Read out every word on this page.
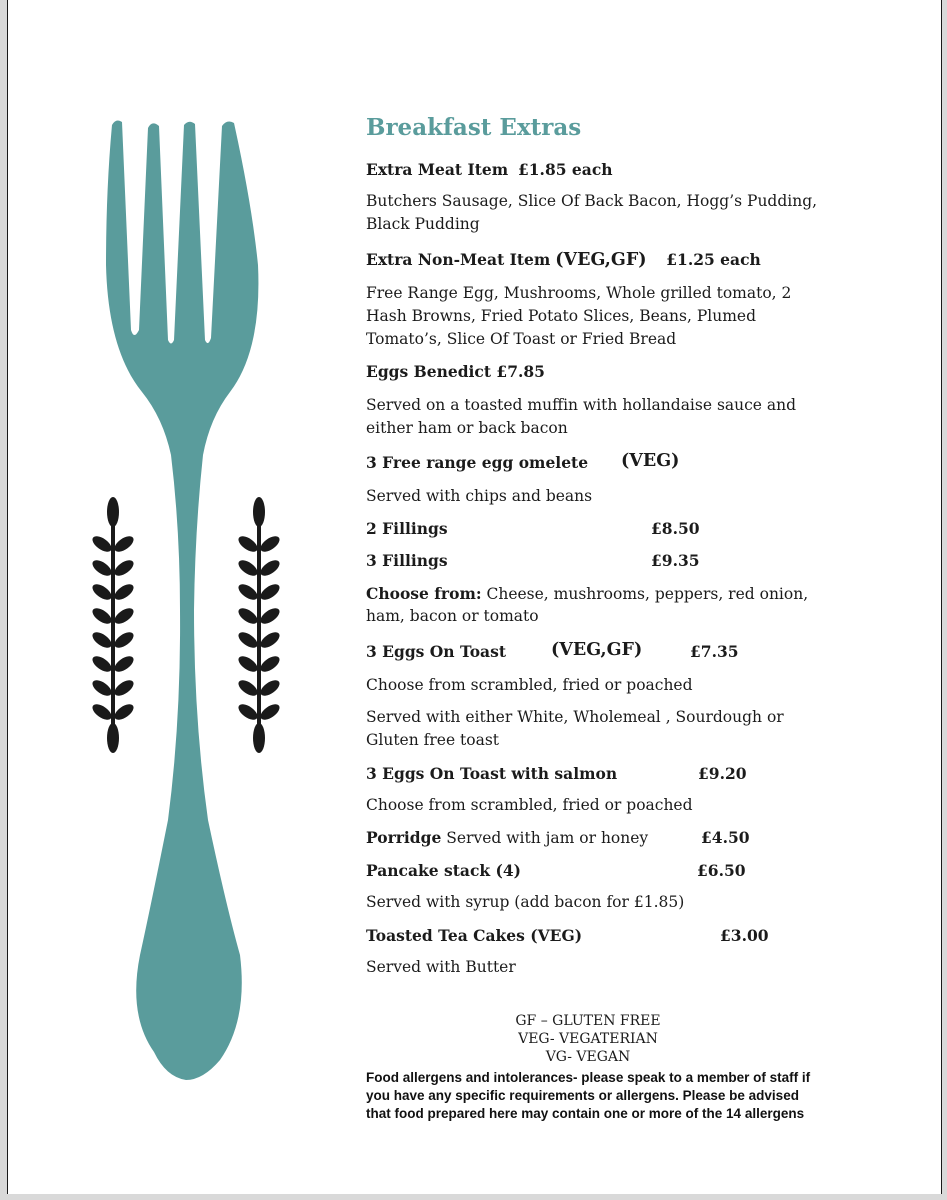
Breakfast Extras
Extra Meat Item £1.85 each
Butchers Sausage, Slice Of Back Bacon, Hogg’s Pudding,
Black Pudding
Extra Non-Meat Item (VEG,GF) £1.25 each
Free Range Egg, Mushrooms, Whole grilled tomato, 2
Hash Browns, Fried Potato Slices, Beans, Plumed
Tomato’s, Slice Of Toast or Fried Bread
Eggs Benedict £7.85
Served on a toasted muffin with hollandaise sauce and
either ham or back bacon
3 Free range egg omelete (VEG)
Served with chips and beans
2 Fillings	£8.50
3 Fillings	£9.35
Choose from: Cheese, mushrooms, peppers, red onion,
ham, bacon or tomato
3 Eggs On Toast	(VEG,GF)	£7.35
Choose from scrambled, fried or poached
Served with either White, Wholemeal , Sourdough or
Gluten free toast
3 Eggs On Toast with salmon	£9.20
Choose from scrambled, fried or poached
Porridge Served with jam or honey	£4.50
Pancake stack (4)	£6.50
Served with syrup (add bacon for £1.85)
Toasted Tea Cakes (VEG)	£3.00
Served with Butter
GF – GLUTEN FREE
VEG- VEGATERIAN
VG- VEGAN
Food allergens and intolerances- please speak to a member of staff if you have any specific requirements or allergens. Please be advised that food prepared here may contain one or more of the 14 allergens
